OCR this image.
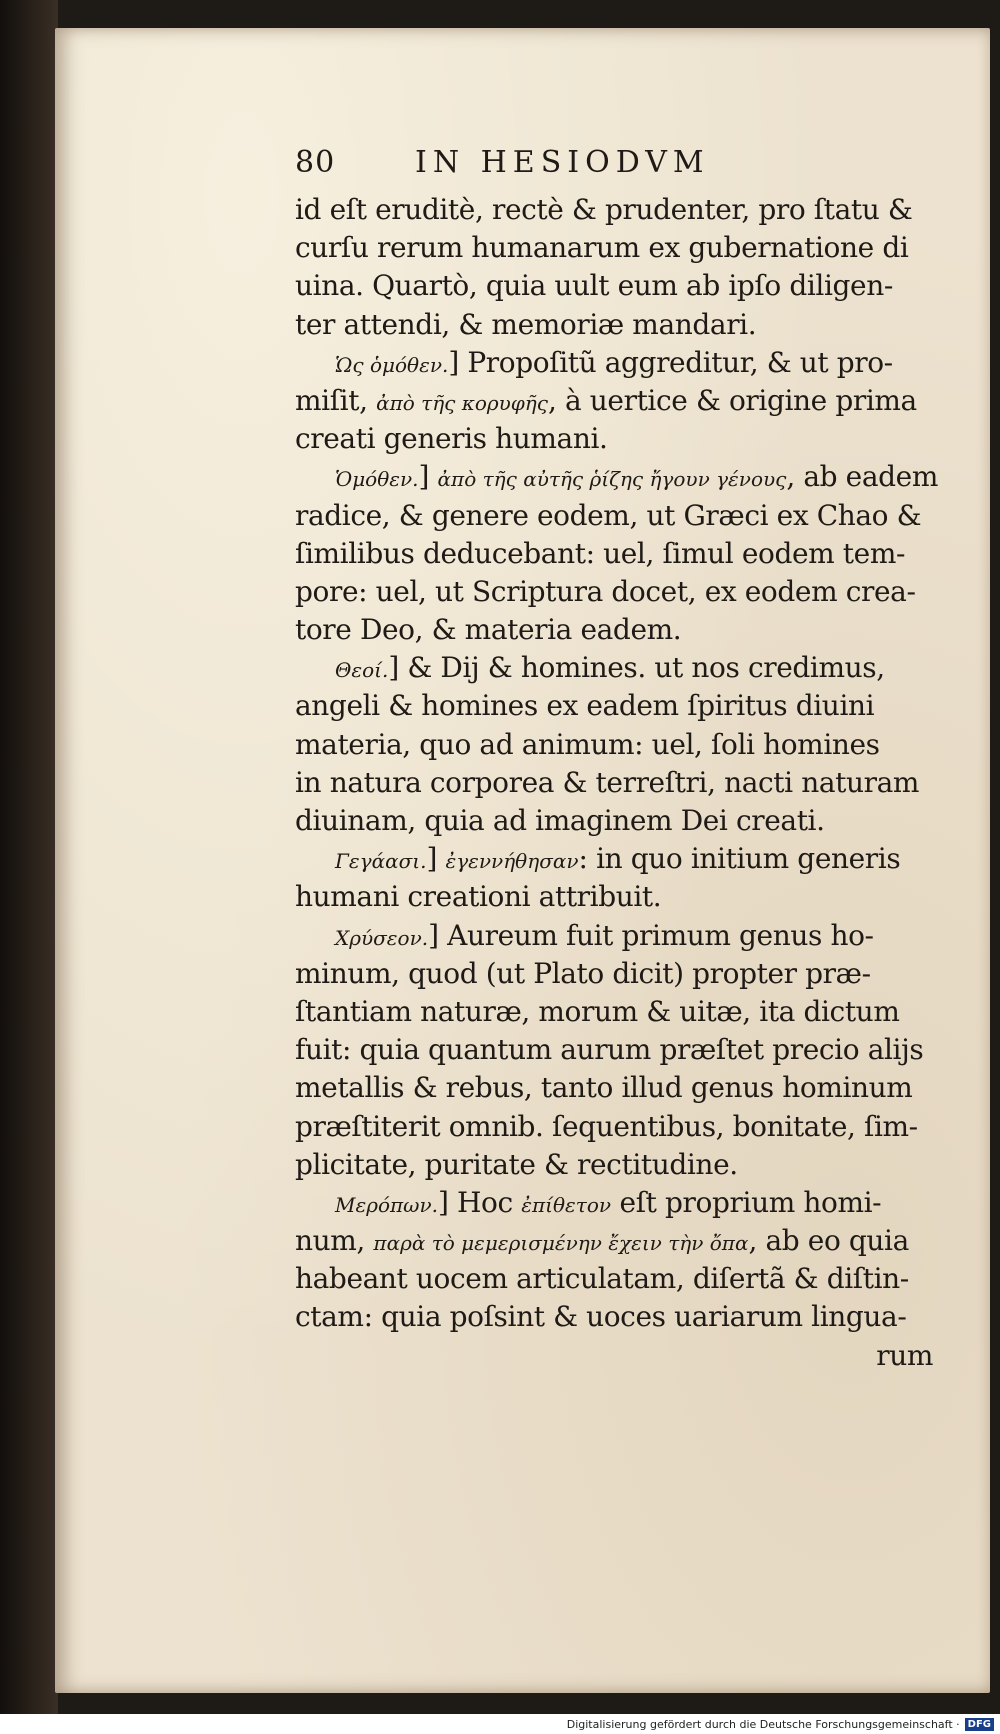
80	IN HESIODVM
id eſt eruditè, rectè & prudenter, pro ſtatu &
curſu rerum humanarum ex gubernatione di
uina. Quartò, quia uult eum ab ipſo diligen-
ter attendi, & memoriæ mandari.
Ὡς ὁμόθεν.] Propoſitũ aggreditur, & ut pro-
miſit, ἀπὸ τῆς κορυφῆς, à uertice & origine prima
creati generis humani.
Ὁμόθεν.] ἀπὸ τῆς αὐτῆς ῥίζης ἤγουν γένους, ab eadem
radice, & genere eodem, ut Græci ex Chao &
ſimilibus deducebant: uel, ſimul eodem tem-
pore: uel, ut Scriptura docet, ex eodem crea-
tore Deo, & materia eadem.
Θεοί.] & Dij & homines. ut nos credimus,
angeli & homines ex eadem ſpiritus diuini
materia, quo ad animum: uel, ſoli homines
in natura corporea & terreſtri, nacti naturam
diuinam, quia ad imaginem Dei creati.
Γεγάασι.] ἐγεννήθησαν: in quo initium generis
humani creationi attribuit.
Χρύσεον.] Aureum fuit primum genus ho-
minum, quod (ut Plato dicit) propter præ-
ſtantiam naturæ, morum & uitæ, ita dictum
fuit: quia quantum aurum præſtet precio alijs
metallis & rebus, tanto illud genus hominum
præſtiterit omnib. ſequentibus, bonitate, ſim-
plicitate, puritate & rectitudine.
Μερόπων.] Hoc ἐπίθετον eſt proprium homi-
num, παρὰ τὸ μεμερισμένην ἔχειν τὴν ὄπα, ab eo quia
habeant uocem articulatam, diſertã & diſtin-
ctam: quia poſsint & uoces uariarum lingua-
rum
Digitalisierung gefördert durch die Deutsche Forschungsgemeinschaft · DFG
